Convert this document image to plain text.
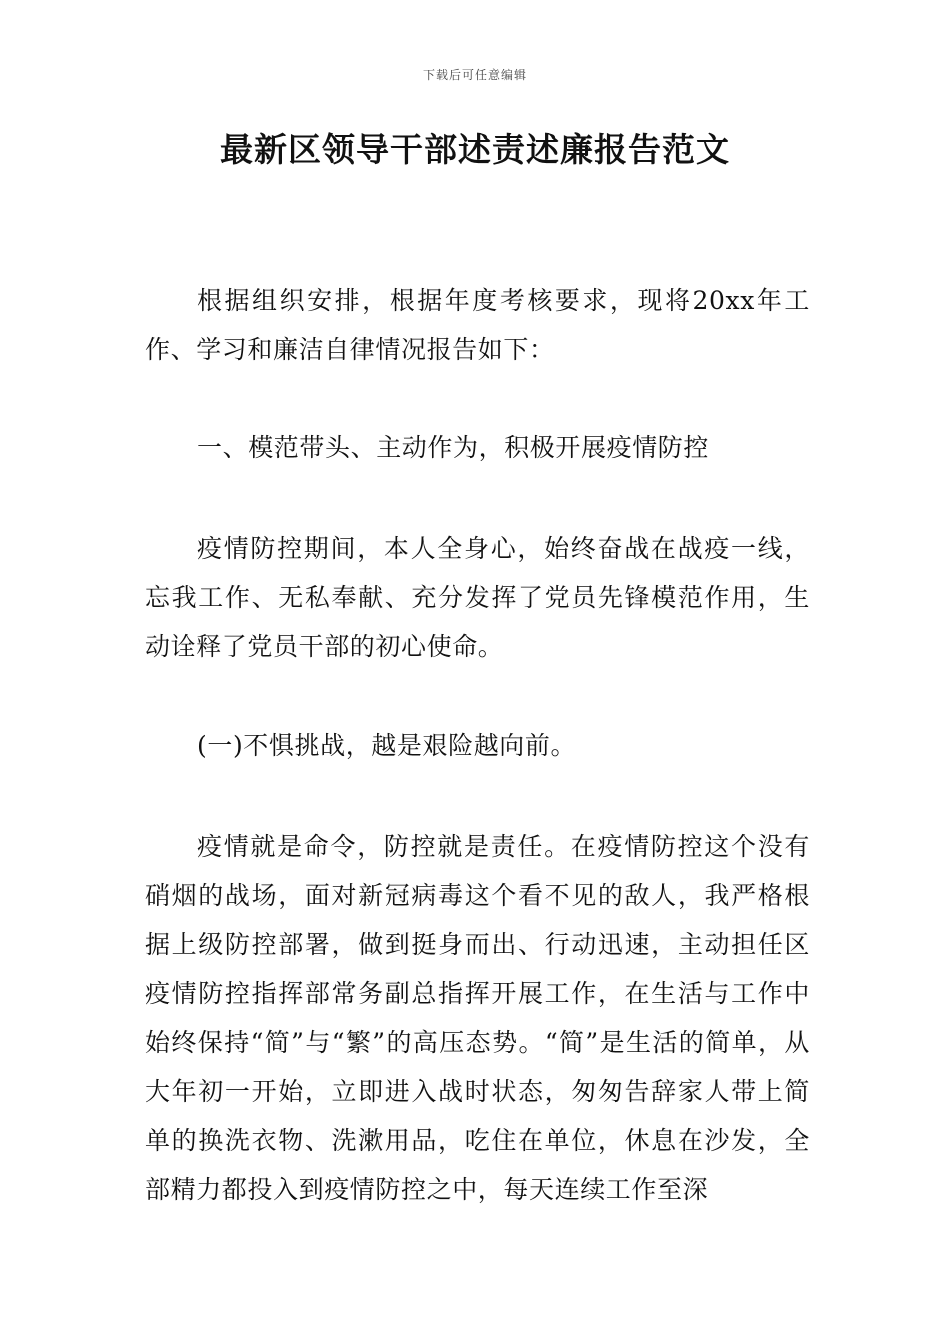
下载后可任意编辑
最新区领导干部述责述廉报告范文

根据组织安排，根据年度考核要求，现将20xx年工作、学习和廉洁自律情况报告如下：

一、模范带头、主动作为，积极开展疫情防控

疫情防控期间，本人全身心，始终奋战在战疫一线，忘我工作、无私奉献、充分发挥了党员先锋模范作用，生动诠释了党员干部的初心使命。

(一)不惧挑战，越是艰险越向前。

疫情就是命令，防控就是责任。在疫情防控这个没有硝烟的战场，面对新冠病毒这个看不见的敌人，我严格根据上级防控部署，做到挺身而出、行动迅速，主动担任区疫情防控指挥部常务副总指挥开展工作，在生活与工作中始终保持“简”与“繁”的高压态势。“简”是生活的简单，从大年初一开始，立即进入战时状态，匆匆告辞家人带上简单的换洗衣物、洗漱用品，吃住在单位，休息在沙发，全部精力都投入到疫情防控之中，每天连续工作至深
